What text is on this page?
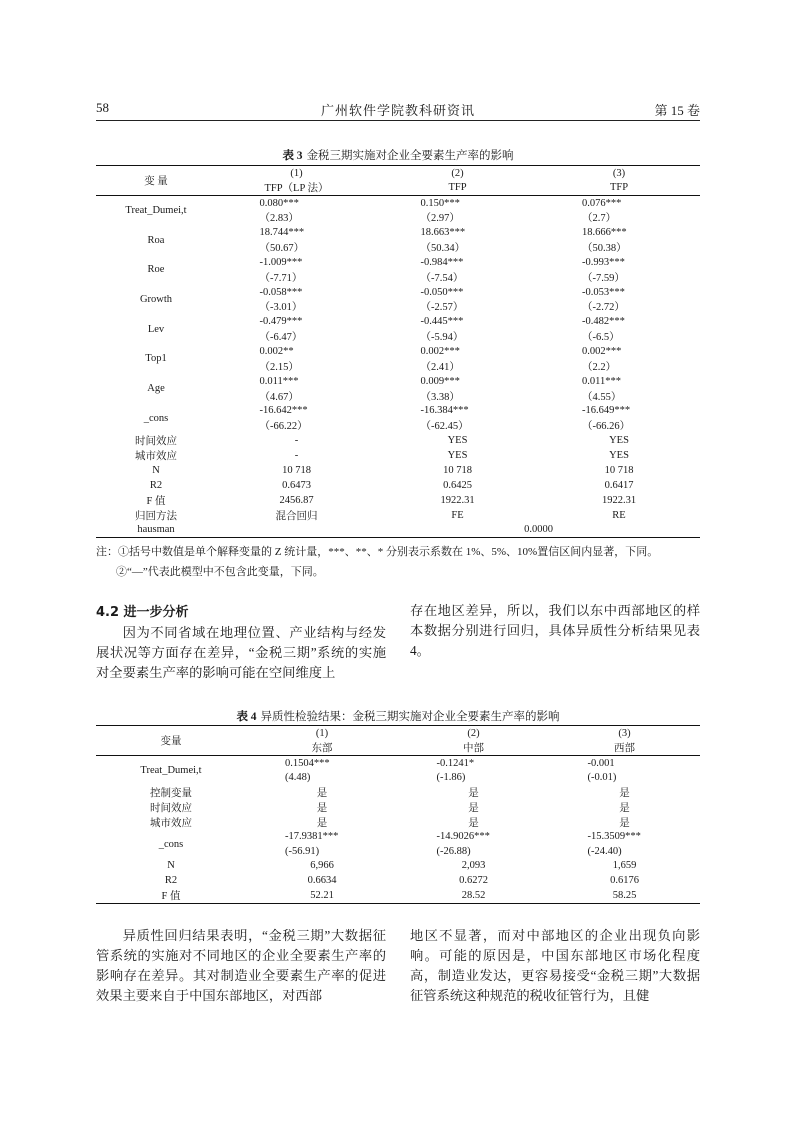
58	广州软件学院教科研资讯	第 15 卷
表 3 金税三期实施对企业全要素生产率的影响
变 量	(1)	(2)	(3)
	TFP（LP 法）	TFP	TFP
Treat_Dumei,t	0.080***	0.150***	0.076***
	（2.83）	（2.97）	（2.7）
Roa	18.744***	18.663***	18.666***
	（50.67）	（50.34）	（50.38）
Roe	-1.009***	-0.984***	-0.993***
	（-7.71）	（-7.54）	（-7.59）
Growth	-0.058***	-0.050***	-0.053***
	（-3.01）	（-2.57）	（-2.72）
Lev	-0.479***	-0.445***	-0.482***
	（-6.47）	（-5.94）	（-6.5）
Top1	0.002**	0.002***	0.002***
	（2.15）	（2.41）	（2.2）
Age	0.011***	0.009***	0.011***
	（4.67）	（3.38）	（4.55）
_cons	-16.642***	-16.384***	-16.649***
	（-66.22）	（-62.45）	（-66.26）
时间效应	-	YES	YES
城市效应	-	YES	YES
N	10 718	10 718	10 718
R2	0.6473	0.6425	0.6417
F 值	2456.87	1922.31	1922.31
归回方法	混合回归	FE	RE
hausman		0.0000	
注：①括号中数值是单个解释变量的 Z 统计量，***、**、* 分别表示系数在 1%、5%、10%置信区间内显著，下同。
②“—”代表此模型中不包含此变量，下同。
4.2 进一步分析

因为不同省域在地理位置、产业结构与经发展状况等方面存在差异，“金税三期”系统的实施对全要素生产率的影响可能在空间维度上

存在地区差异，所以，我们以东中西部地区的样本数据分别进行回归，具体异质性分析结果见表 4。

表 4 异质性检验结果：金税三期实施对企业全要素生产率的影响
变量	(1)	(2)	(3)
	东部	中部	西部
Treat_Dumei,t	0.1504***	-0.1241*	-0.001
	(4.48)	(-1.86)	(-0.01)
控制变量	是	是	是
时间效应	是	是	是
城市效应	是	是	是
_cons	-17.9381***	-14.9026***	-15.3509***
	(-56.91)	(-26.88)	(-24.40)
N	6,966	2,093	1,659
R2	0.6634	0.6272	0.6176
F 值	52.21	28.52	58.25

异质性回归结果表明，“金税三期”大数据征管系统的实施对不同地区的企业全要素生产率的影响存在差异。其对制造业全要素生产率的促进效果主要来自于中国东部地区，对西部

地区不显著，而对中部地区的企业出现负向影响。可能的原因是，中国东部地区市场化程度高，制造业发达，更容易接受“金税三期”大数据征管系统这种规范的税收征管行为，且健
